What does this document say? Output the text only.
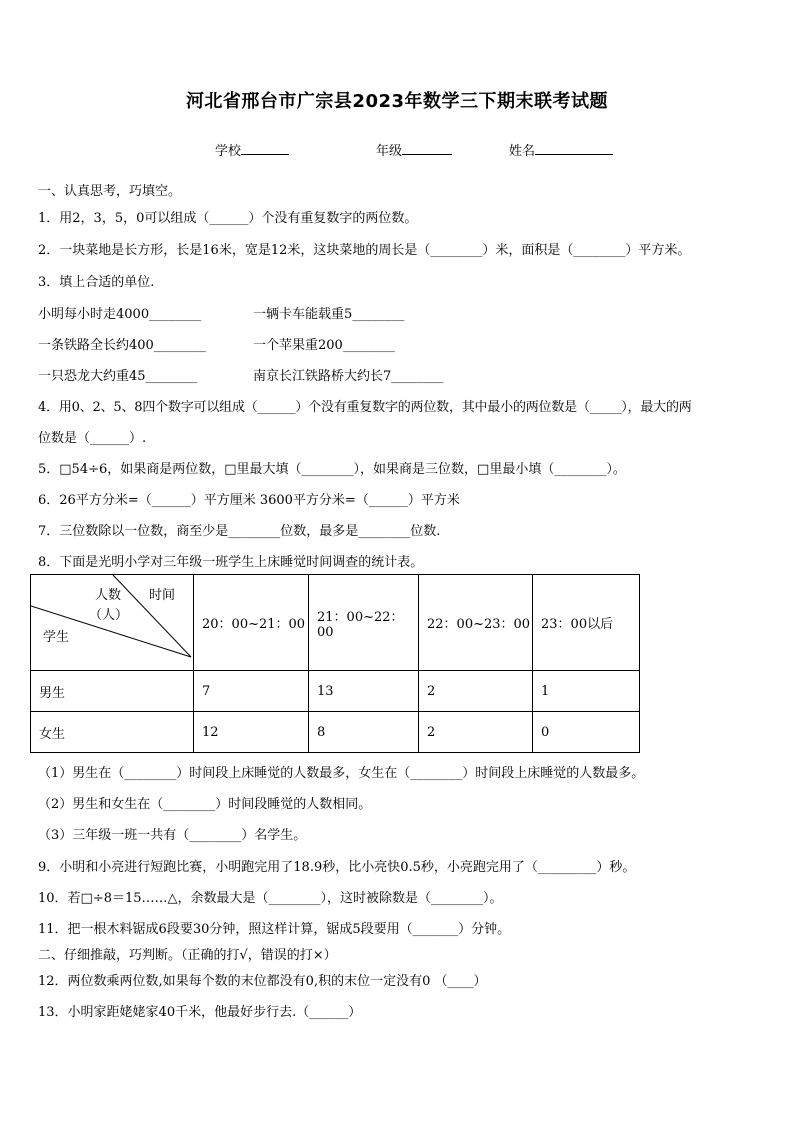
河北省邢台市广宗县2023年数学三下期末联考试题
学校	年级	姓名
一、认真思考，巧填空。
1．用2，3，5，0可以组成（______）个没有重复数字的两位数。
2．一块菜地是长方形，长是16米，宽是12米，这块菜地的周长是（________）米，面积是（________）平方米。
3．填上合适的单位.
小明每小时走4000________	一辆卡车能载重5________
一条铁路全长约400________	一个苹果重200________
一只恐龙大约重45________	南京长江铁路桥大约长7________
4．用0、2、5、8四个数字可以组成（______）个没有重复数字的两位数，其中最小的两位数是（_____），最大的两
位数是（______）.
5．□54÷6，如果商是两位数，□里最大填（________），如果商是三位数，□里最小填（________）。
6．26平方分米=（______）平方厘米 3600平方分米=（______）平方米
7．三位数除以一位数，商至少是________位数，最多是________位数.
8．下面是光明小学对三年级一班学生上床睡觉时间调查的统计表。
人数
（人）
时间
学生	20：00~21：00	21：00~22：00	22：00~23：00	23：00以后
男生	7	13	2	1
女生	12	8	2	0
（1）男生在（________）时间段上床睡觉的人数最多，女生在（________）时间段上床睡觉的人数最多。
（2）男生和女生在（________）时间段睡觉的人数相同。
（3）三年级一班一共有（________）名学生。
9．小明和小亮进行短跑比赛，小明跑完用了18.9秒，比小亮快0.5秒，小亮跑完用了（_________）秒。
10．若□÷8＝15……△，余数最大是（________），这时被除数是（________）。
11．把一根木料锯成6段要30分钟，照这样计算，锯成5段要用（_______）分钟。
二、仔细推敲，巧判断。（正确的打√，错误的打×）
12．两位数乘两位数,如果每个数的末位都没有0,积的末位一定没有0 （____）
13．小明家距姥姥家40千米，他最好步行去.（______）
